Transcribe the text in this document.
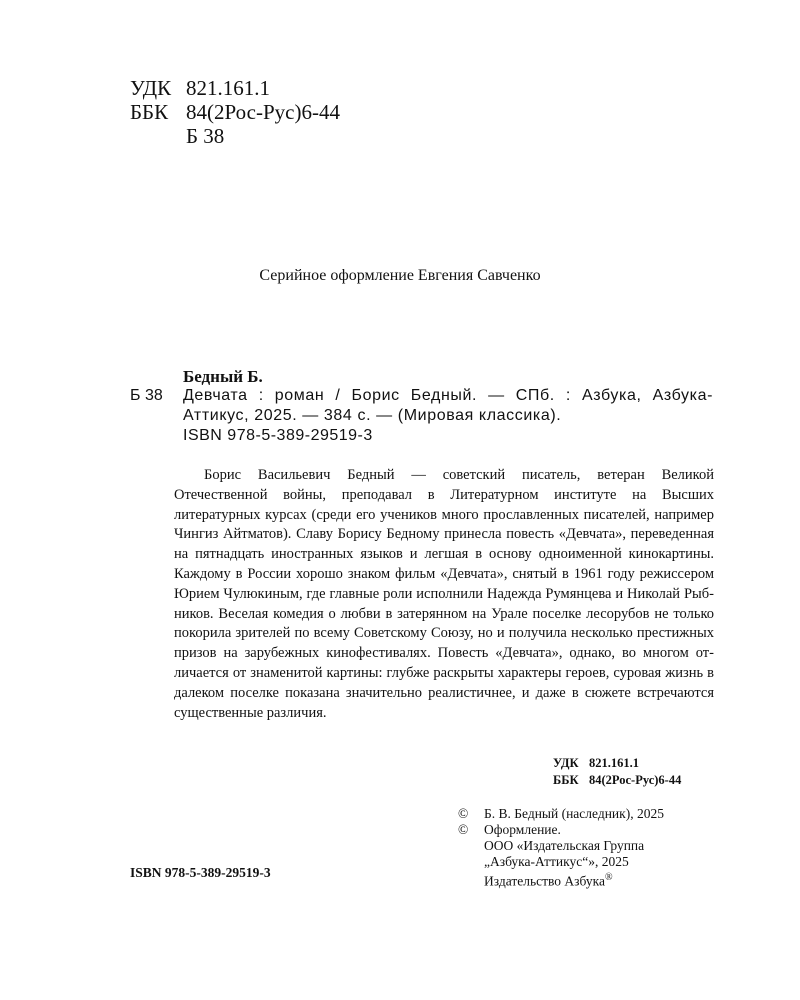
УДК 821.161.1
ББК 84(2Рос-Рус)6-44
Б 38
Серийное оформление Евгения Савченко
Бедный Б.
Б 38 Девчата : роман / Борис Бедный. — СПб. : Азбука, Азбука-Аттикус, 2025. — 384 с. — (Мировая классика).
ISBN 978-5-389-29519-3
Борис Васильевич Бедный — советский писатель, ветеран Великой Отечественной войны, преподавал в Литературном институте на Высших литературных курсах (среди его учеников много прославленных писателей, например Чингиз Айтматов). Славу Борису Бедному принесла повесть «Девчата», переведенная на пятнадцать иностранных языков и легшая в основу одноименной кинокартины. Каждому в России хорошо знаком фильм «Девчата», снятый в 1961 году режиссером Юрием Чулюкиным, где главные роли исполнили Надежда Румянцева и Николай Рыбников. Веселая комедия о любви в затерянном на Урале поселке лесорубов не только покорила зрителей по всему Советскому Союзу, но и получила несколько престижных призов на зарубежных кинофестивалях. Повесть «Девчата», однако, во многом отличается от знаменитой картины: глубже раскрыты характеры героев, суровая жизнь в далеком поселке показана значительно реалистичнее, и даже в сюжете встречаются существенные различия.
УДК 821.161.1
ББК 84(2Рос-Рус)6-44
©	Б. В. Бедный (наследник), 2025
©	Оформление.
ООО «Издательская Группа
„Азбука-Аттикус“», 2025
Издательство Азбука®
ISBN 978-5-389-29519-3
